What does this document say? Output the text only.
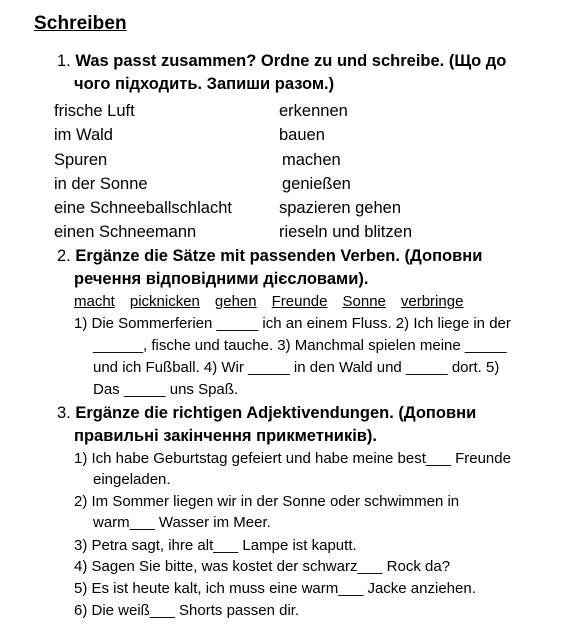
Schreiben
1. Was passt zusammen? Ordne zu und schreibe. (Що до
чого підходить. Запиши разом.)
frische Luft
im Wald
Spuren
in der Sonne
eine Schneeballschlacht
einen Schneemann
erkennen
bauen
machen
genießen
spazieren gehen
rieseln und blitzen
2. Ergänze die Sätze mit passenden Verben. (Доповни
речення відповідними дієсловами).
macht picknicken gehen Freunde Sonne verbringe
1) Die Sommerferien _____ ich an einem Fluss. 2) Ich liege in der
______, fische und tauche. 3) Manchmal spielen meine _____
und ich Fußball. 4) Wir _____ in den Wald und _____ dort. 5)
Das _____ uns Spaß.
3. Ergänze die richtigen Adjektivendungen. (Доповни
правильні закінчення прикметників).
1) Ich habe Geburtstag gefeiert und habe meine best___ Freunde
eingeladen.
2) Im Sommer liegen wir in der Sonne oder schwimmen in
warm___ Wasser im Meer.
3) Petra sagt, ihre alt___ Lampe ist kaputt.
4) Sagen Sie bitte, was kostet der schwarz___ Rock da?
5) Es ist heute kalt, ich muss eine warm___ Jacke anziehen.
6) Die weiß___ Shorts passen dir.
